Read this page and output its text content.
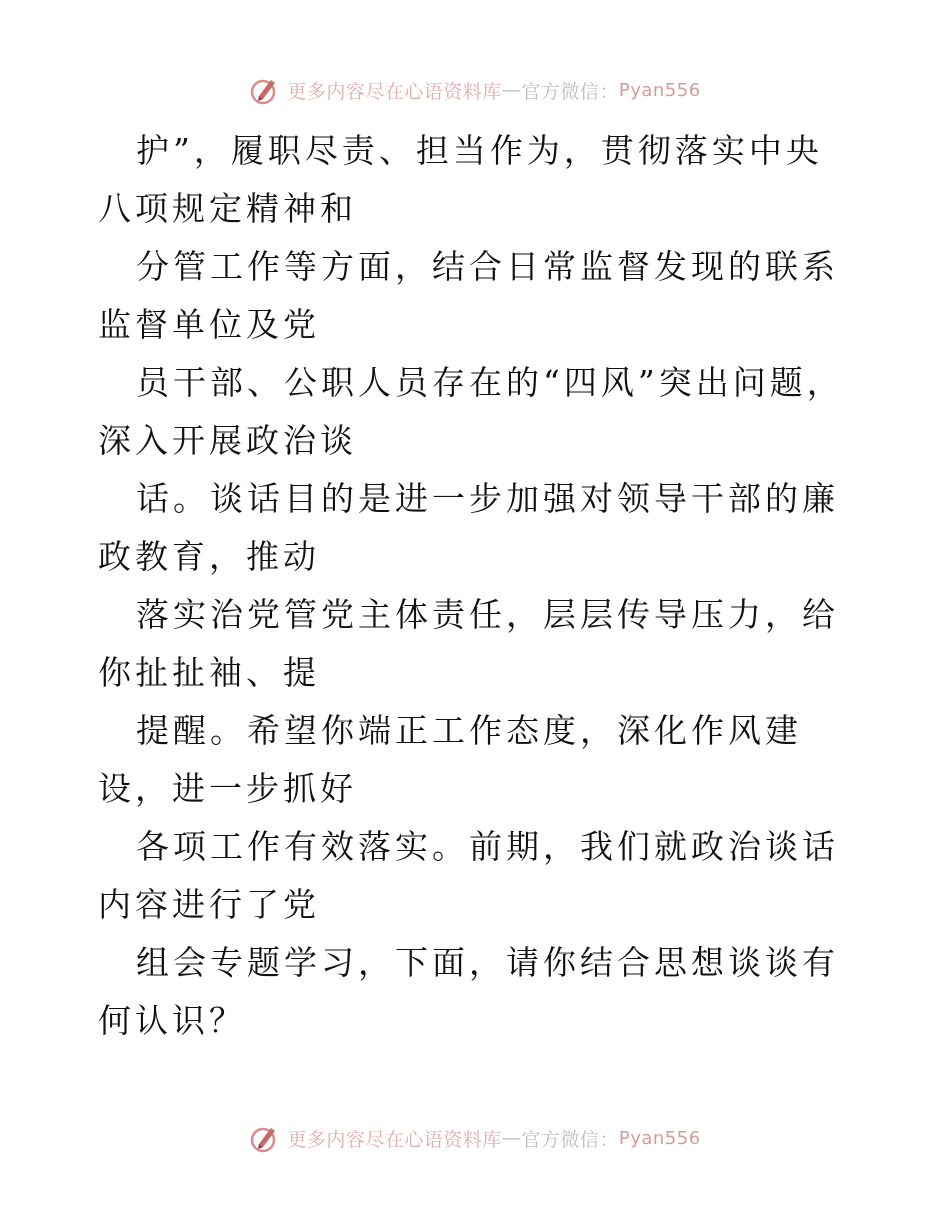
更多内容尽在心语资料库 — 官方微信： Pyan556

护”，履职尽责、担当作为，贯彻落实中央八项规定精神和

分管工作等方面，结合日常监督发现的联系监督单位及党

员干部、公职人员存在的“四风”突出问题，深入开展政治谈

话。谈话目的是进一步加强对领导干部的廉政教育，推动

落实治党管党主体责任，层层传导压力，给你扯扯袖、提

提醒。希望你端正工作态度，深化作风建设，进一步抓好

各项工作有效落实。前期，我们就政治谈话内容进行了党

组会专题学习，下面，请你结合思想谈谈有何认识？

更多内容尽在心语资料库 — 官方微信： Pyan556
